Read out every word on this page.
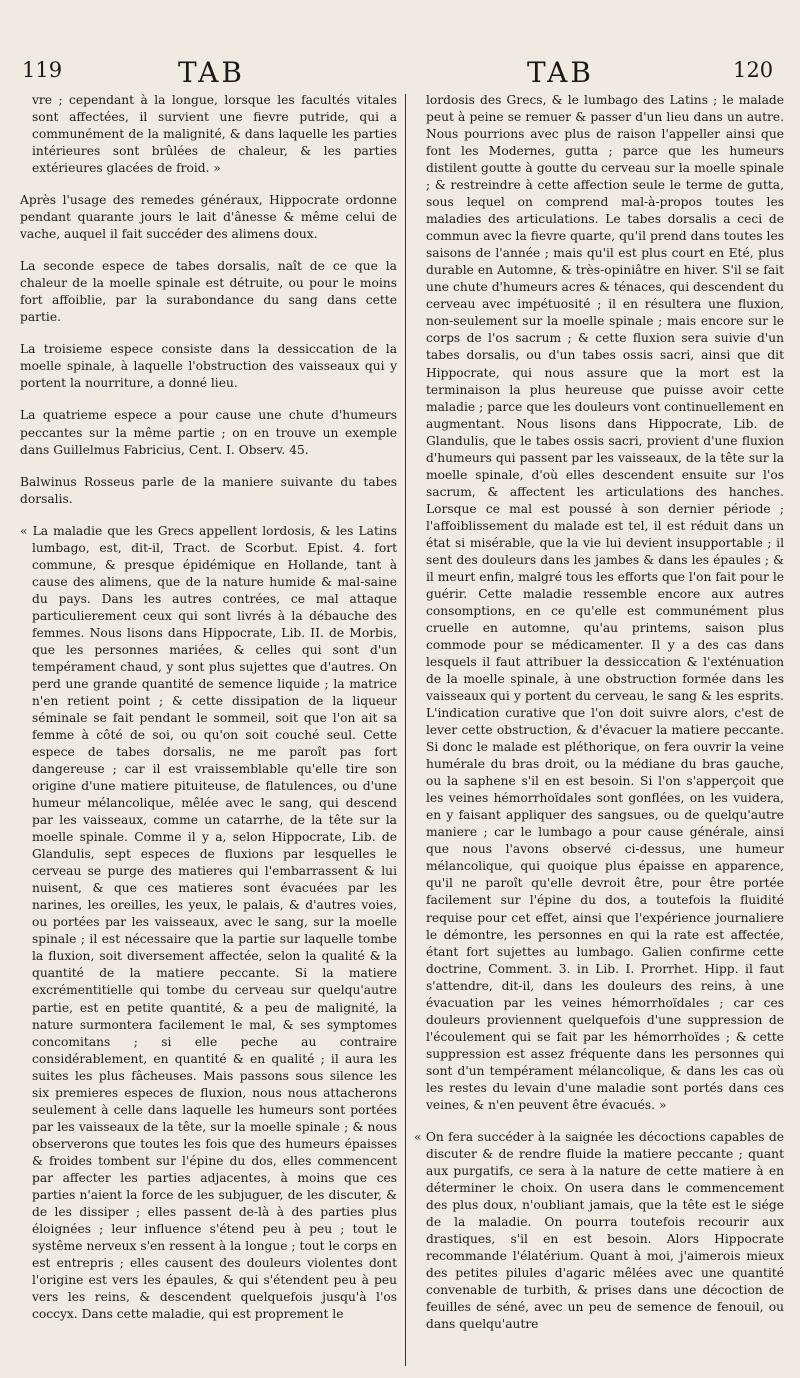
119	TAB	TAB	120

vre ; cependant à la longue, lorsque les facultés vitales sont affectées, il survient une fievre putride, qui a communément de la malignité, & dans laquelle les parties intérieures sont brûlées de chaleur, & les parties extérieures glacées de froid. »

Après l'usage des remedes généraux, Hippocrate ordonne pendant quarante jours le lait d'ânesse & même celui de vache, auquel il fait succéder des alimens doux.

La seconde espece de tabes dorsalis, naît de ce que la chaleur de la moelle spinale est détruite, ou pour le moins fort affoiblie, par la surabondance du sang dans cette partie.

La troisieme espece consiste dans la dessiccation de la moelle spinale, à laquelle l'obstruction des vaisseaux qui y portent la nourriture, a donné lieu.

La quatrieme espece a pour cause une chute d'humeurs peccantes sur la même partie ; on en trouve un exemple dans Guillelmus Fabricius, Cent. I. Observ. 45.

Balwinus Rosseus parle de la maniere suivante du tabes dorsalis.

« La maladie que les Grecs appellent lordosis, & les Latins lumbago, est, dit-il, Tract. de Scorbut. Epist. 4. fort commune, & presque épidémique en Hollande, tant à cause des alimens, que de la nature humide & mal-saine du pays. Dans les autres contrées, ce mal attaque particulierement ceux qui sont livrés à la débauche des femmes. Nous lisons dans Hippocrate, Lib. II. de Morbis, que les personnes mariées, & celles qui sont d'un tempérament chaud, y sont plus sujettes que d'autres. On perd une grande quantité de semence liquide ; la matrice n'en retient point ; & cette dissipation de la liqueur séminale se fait pendant le sommeil, soit que l'on ait sa femme à côté de soi, ou qu'on soit couché seul. Cette espece de tabes dorsalis, ne me paroît pas fort dangereuse ; car il est vraissemblable qu'elle tire son origine d'une matiere pituiteuse, de flatulences, ou d'une humeur mélancolique, mêlée avec le sang, qui descend par les vaisseaux, comme un catarrhe, de la tête sur la moelle spinale. Comme il y a, selon Hippocrate, Lib. de Glandulis, sept especes de fluxions par lesquelles le cerveau se purge des matieres qui l'embarrassent & lui nuisent, & que ces matieres sont évacuées par les narines, les oreilles, les yeux, le palais, & d'autres voies, ou portées par les vaisseaux, avec le sang, sur la moelle spinale ; il est nécessaire que la partie sur laquelle tombe la fluxion, soit diversement affectée, selon la qualité & la quantité de la matiere peccante. Si la matiere excrémentitielle qui tombe du cerveau sur quelqu'autre partie, est en petite quantité, & a peu de malignité, la nature surmontera facilement le mal, & ses symptomes concomitans ; si elle peche au contraire considérablement, en quantité & en qualité ; il aura les suites les plus fâcheuses. Mais passons sous silence les six premieres especes de fluxion, nous nous attacherons seulement à celle dans laquelle les humeurs sont portées par les vaisseaux de la tête, sur la moelle spinale ; & nous observerons que toutes les fois que des humeurs épaisses & froides tombent sur l'épine du dos, elles commencent par affecter les parties adjacentes, à moins que ces parties n'aient la force de les subjuguer, de les discuter, & de les dissiper ; elles passent de-là à des parties plus éloignées ; leur influence s'étend peu à peu ; tout le systême nerveux s'en ressent à la longue ; tout le corps en est entrepris ; elles causent des douleurs violentes dont l'origine est vers les épaules, & qui s'étendent peu à peu vers les reins, & descendent quelquefois jusqu'à l'os coccyx. Dans cette maladie, qui est proprement le

lordosis des Grecs, & le lumbago des Latins ; le malade peut à peine se remuer & passer d'un lieu dans un autre. Nous pourrions avec plus de raison l'appeller ainsi que font les Modernes, gutta ; parce que les humeurs distilent goutte à goutte du cerveau sur la moelle spinale ; & restreindre à cette affection seule le terme de gutta, sous lequel on comprend mal-à-propos toutes les maladies des articulations. Le tabes dorsalis a ceci de commun avec la fievre quarte, qu'il prend dans toutes les saisons de l'année ; mais qu'il est plus court en Eté, plus durable en Automne, & très-opiniâtre en hiver. S'il se fait une chute d'humeurs acres & ténaces, qui descendent du cerveau avec impétuosité ; il en résultera une fluxion, non-seulement sur la moelle spinale ; mais encore sur le corps de l'os sacrum ; & cette fluxion sera suivie d'un tabes dorsalis, ou d'un tabes ossis sacri, ainsi que dit Hippocrate, qui nous assure que la mort est la terminaison la plus heureuse que puisse avoir cette maladie ; parce que les douleurs vont continuellement en augmentant. Nous lisons dans Hippocrate, Lib. de Glandulis, que le tabes ossis sacri, provient d'une fluxion d'humeurs qui passent par les vaisseaux, de la tête sur la moelle spinale, d'où elles descendent ensuite sur l'os sacrum, & affectent les articulations des hanches. Lorsque ce mal est poussé à son dernier période ; l'affoiblissement du malade est tel, il est réduit dans un état si misérable, que la vie lui devient insupportable ; il sent des douleurs dans les jambes & dans les épaules ; & il meurt enfin, malgré tous les efforts que l'on fait pour le guérir. Cette maladie ressemble encore aux autres consomptions, en ce qu'elle est communément plus cruelle en automne, qu'au printems, saison plus commode pour se médicamenter. Il y a des cas dans lesquels il faut attribuer la dessiccation & l'exténuation de la moelle spinale, à une obstruction formée dans les vaisseaux qui y portent du cerveau, le sang & les esprits. L'indication curative que l'on doit suivre alors, c'est de lever cette obstruction, & d'évacuer la matiere peccante. Si donc le malade est pléthorique, on fera ouvrir la veine humérale du bras droit, ou la médiane du bras gauche, ou la saphene s'il en est besoin. Si l'on s'apperçoit que les veines hémorrhoïdales sont gonflées, on les vuidera, en y faisant appliquer des sangsues, ou de quelqu'autre maniere ; car le lumbago a pour cause générale, ainsi que nous l'avons observé ci-dessus, une humeur mélancolique, qui quoique plus épaisse en apparence, qu'il ne paroît qu'elle devroit être, pour être portée facilement sur l'épine du dos, a toutefois la fluidité requise pour cet effet, ainsi que l'expérience journaliere le démontre, les personnes en qui la rate est affectée, étant fort sujettes au lumbago. Galien confirme cette doctrine, Comment. 3. in Lib. I. Prorrhet. Hipp. il faut s'attendre, dit-il, dans les douleurs des reins, à une évacuation par les veines hémorrhoïdales ; car ces douleurs proviennent quelquefois d'une suppression de l'écoulement qui se fait par les hémorrhoïdes ; & cette suppression est assez fréquente dans les personnes qui sont d'un tempérament mélancolique, & dans les cas où les restes du levain d'une maladie sont portés dans ces veines, & n'en peuvent être évacués. »

« On fera succéder à la saignée les décoctions capables de discuter & de rendre fluide la matiere peccante ; quant aux purgatifs, ce sera à la nature de cette matiere à en déterminer le choix. On usera dans le commencement des plus doux, n'oubliant jamais, que la tête est le siége de la maladie. On pourra toutefois recourir aux drastiques, s'il en est besoin. Alors Hippocrate recommande l'élatérium. Quant à moi, j'aimerois mieux des petites pilules d'agaric mêlées avec une quantité convenable de turbith, & prises dans une décoction de feuilles de séné, avec un peu de semence de fenouil, ou dans quelqu'autre
